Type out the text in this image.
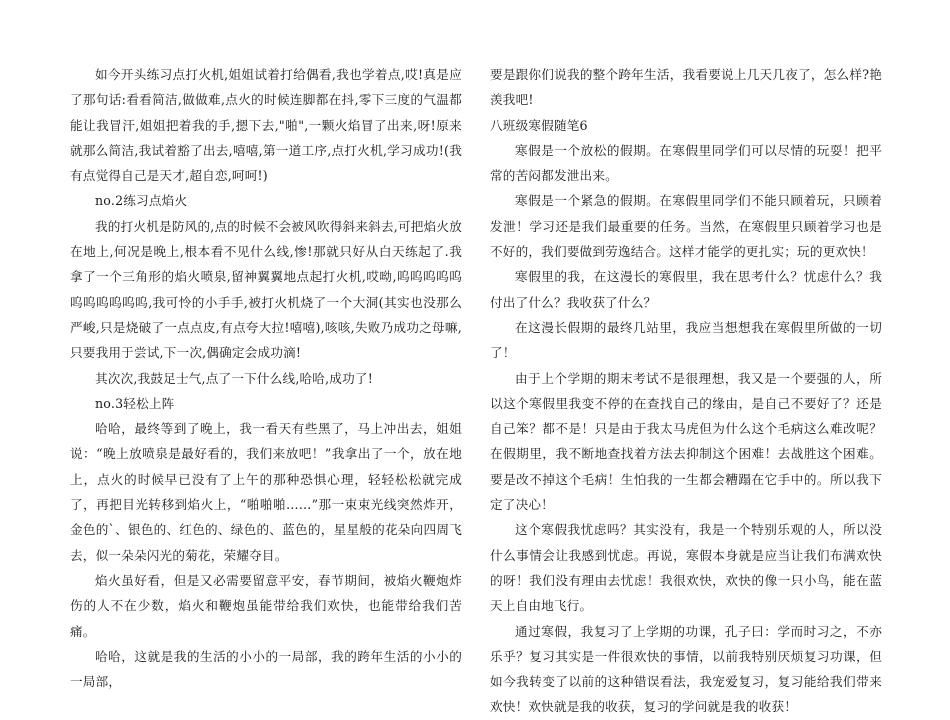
如今开头练习点打火机,姐姐试着打给偶看,我也学着点,哎!真是应了那句话:看看简洁,做做难,点火的时候连脚都在抖,零下三度的气温都能让我冒汗,姐姐把着我的手,摁下去,"啪",一颗火焰冒了出来,呀!原来就那么简洁,我试着豁了出去,嘻嘻,第一道工序,点打火机,学习成功!(我有点觉得自己是天才,超自恋,呵呵!)

no.2练习点焰火

我的打火机是防风的,点的时候不会被风吹得斜来斜去,可把焰火放在地上,何况是晚上,根本看不见什么线,惨!那就只好从白天练起了.我拿了一个三角形的焰火喷泉,留神翼翼地点起打火机,哎呦,呜呜呜呜呜呜呜呜呜呜呜,我可怜的小手手,被打火机烧了一个大洞(其实也没那么严峻,只是烧破了一点点皮,有点夸大拉!嘻嘻),咳咳,失败乃成功之母嘛,只要我用于尝试,下一次,偶确定会成功滴!

其次次,我鼓足士气,点了一下什么线,哈哈,成功了!

no.3轻松上阵

哈哈，最终等到了晚上，我一看天有些黑了，马上冲出去，姐姐说：“晚上放喷泉是最好看的，我们来放吧！”我拿出了一个，放在地上，点火的时候早已没有了上午的那种恐惧心理，轻轻松松就完成了，再把目光转移到焰火上，“啪啪啪……”那一束束光线突然炸开，金色的`、银色的、红色的、绿色的、蓝色的，星星般的花朵向四周飞去，似一朵朵闪光的菊花，荣耀夺目。

焰火虽好看，但是又必需要留意平安，春节期间，被焰火鞭炮炸伤的人不在少数，焰火和鞭炮虽能带给我们欢快，也能带给我们苦痛。

哈哈，这就是我的生活的小小的一局部，我的跨年生活的小小的一局部，

要是跟你们说我的整个跨年生活，我看要说上几天几夜了，怎么样?艳羡我吧!

八班级寒假随笔6

寒假是一个放松的假期。在寒假里同学们可以尽情的玩耍！把平常的苦闷都发泄出来。

寒假是一个紧急的假期。在寒假里同学们不能只顾着玩，只顾着发泄！学习还是我们最重要的任务。当然，在寒假里只顾着学习也是不好的，我们要做到劳逸结合。这样才能学的更扎实；玩的更欢快！

寒假里的我，在这漫长的寒假里，我在思考什么？忧虑什么？我付出了什么？我收获了什么？

在这漫长假期的最终几站里，我应当想想我在寒假里所做的一切了！

由于上个学期的期末考试不是很理想，我又是一个要强的人，所以这个寒假里我变不停的在查找自己的缘由，是自己不要好了？还是自己笨？都不是！只是由于我太马虎但为什么这个毛病这么难改呢？在假期里，我不断地查找着方法去抑制这个困难！去战胜这个困难。要是改不掉这个毛病！生怕我的一生都会糟蹋在它手中的。所以我下定了决心！

这个寒假我忧虑吗？其实没有，我是一个特别乐观的人，所以没什么事情会让我感到忧虑。再说，寒假本身就是应当让我们布满欢快的呀！我们没有理由去忧虑！我很欢快，欢快的像一只小鸟，能在蓝天上自由地飞行。

通过寒假，我复习了上学期的功课，孔子曰：学而时习之，不亦乐乎？复习其实是一件很欢快的事情，以前我特别厌烦复习功课，但如今我转变了以前的这种错误看法，我宠爱复习，复习能给我们带来欢快！欢快就是我的收获，复习的学问就是我的收获！
